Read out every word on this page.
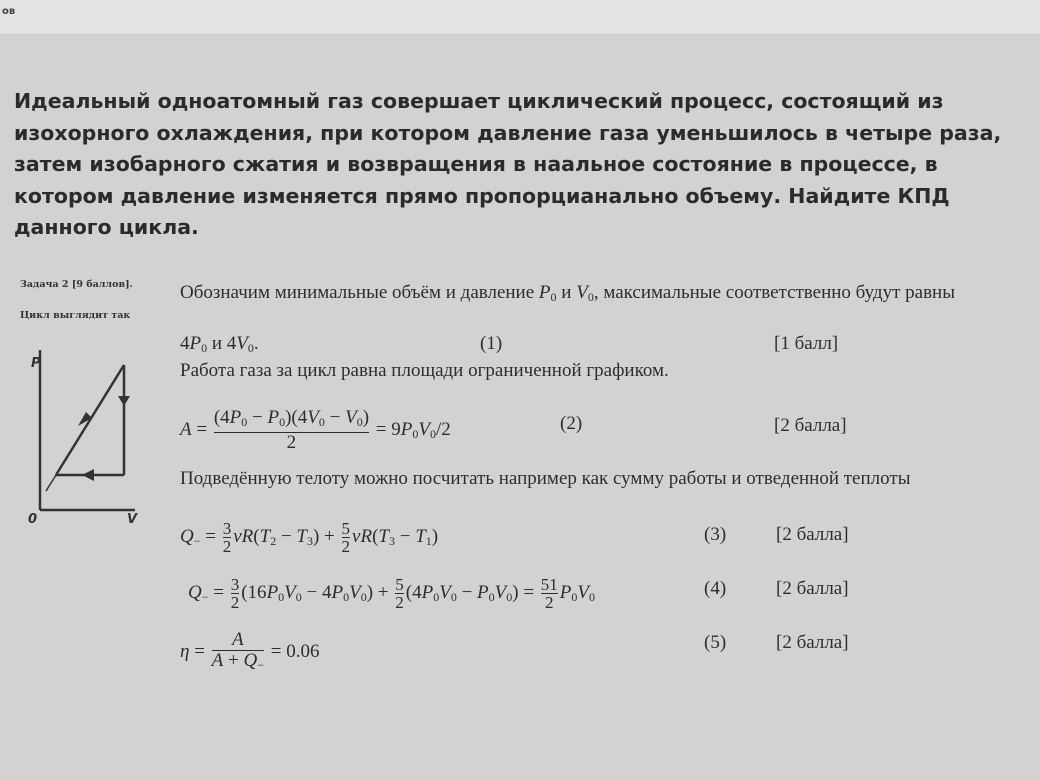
ов
Идеальный одноатомный газ совершает циклический процесс, состоящий из
изохорного охлаждения, при котором давление газа уменьшилось в четыре раза,
затем изобарного сжатия и возвращения в наальное состояние в процессе, в
котором давление изменяется прямо пропорцианально объему. Найдите КПД
данного цикла.
Задача 2 [9 баллов].
Цикл выглядит так
P
V
0
Обозначим минимальные объём и давление $P_0$ и $V_0$, максимальные соответственно будут равны
$4P_0$ и $4V_0$.	(1)	[1 балл]
Работа газа за цикл равна площади ограниченной графиком.
$A = \frac{(4P_0 - P_0)(4V_0 - V_0)}{2} = 9P_0V_0/2$	(2)	[2 балла]
Подведённую телоту можно посчитать например как сумму работы и отведенной теплоты
$Q_- = \frac{3}{2} \nu R(T_2 - T_3) + \frac{5}{2} \nu R(T_3 - T_1)$	(3)	[2 балла]
$Q_- = \frac{3}{2} (16P_0V_0 - 4P_0V_0) + \frac{5}{2} (4P_0V_0 - P_0V_0) = \frac{51}{2} P_0V_0$	(4)	[2 балла]
$\eta = \frac{A}{A + Q_-} = 0.06$	(5)	[2 балла]
